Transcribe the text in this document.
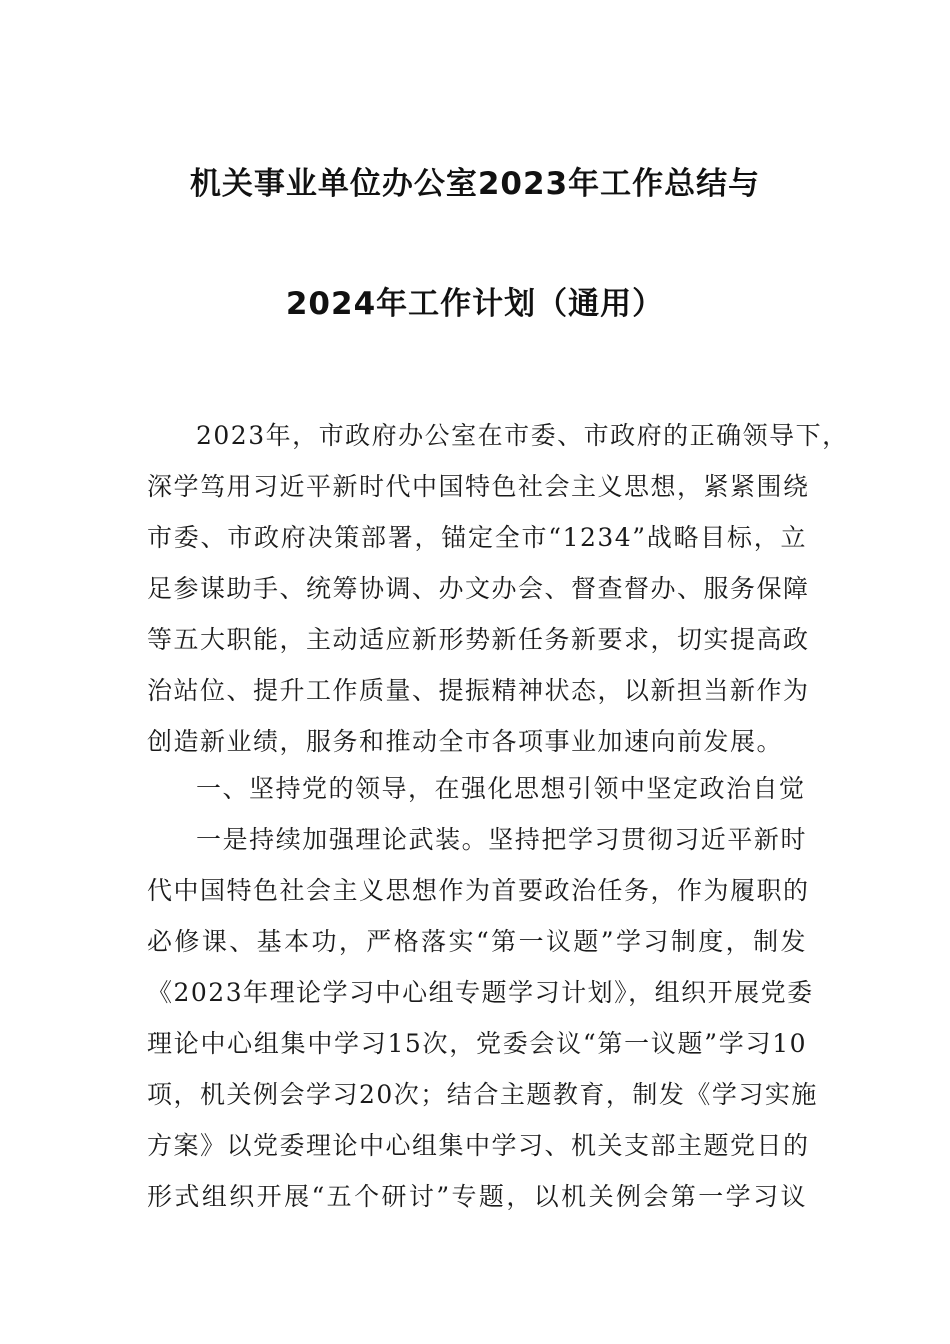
机关事业单位办公室2023年工作总结与
2024年工作计划（通用）
2023年，市政府办公室在市委、市政府的正确领导下，
深学笃用习近平新时代中国特色社会主义思想，紧紧围绕
市委、市政府决策部署，锚定全市“1234”战略目标，立
足参谋助手、统筹协调、办文办会、督查督办、服务保障
等五大职能，主动适应新形势新任务新要求，切实提高政
治站位、提升工作质量、提振精神状态，以新担当新作为
创造新业绩，服务和推动全市各项事业加速向前发展。
一、坚持党的领导，在强化思想引领中坚定政治自觉
一是持续加强理论武装。坚持把学习贯彻习近平新时
代中国特色社会主义思想作为首要政治任务，作为履职的
必修课、基本功，严格落实“第一议题”学习制度，制发
《2023年理论学习中心组专题学习计划》，组织开展党委
理论中心组集中学习15次，党委会议“第一议题”学习10
项，机关例会学习20次；结合主题教育，制发《学习实施
方案》以党委理论中心组集中学习、机关支部主题党日的
形式组织开展“五个研讨”专题，以机关例会第一学习议
